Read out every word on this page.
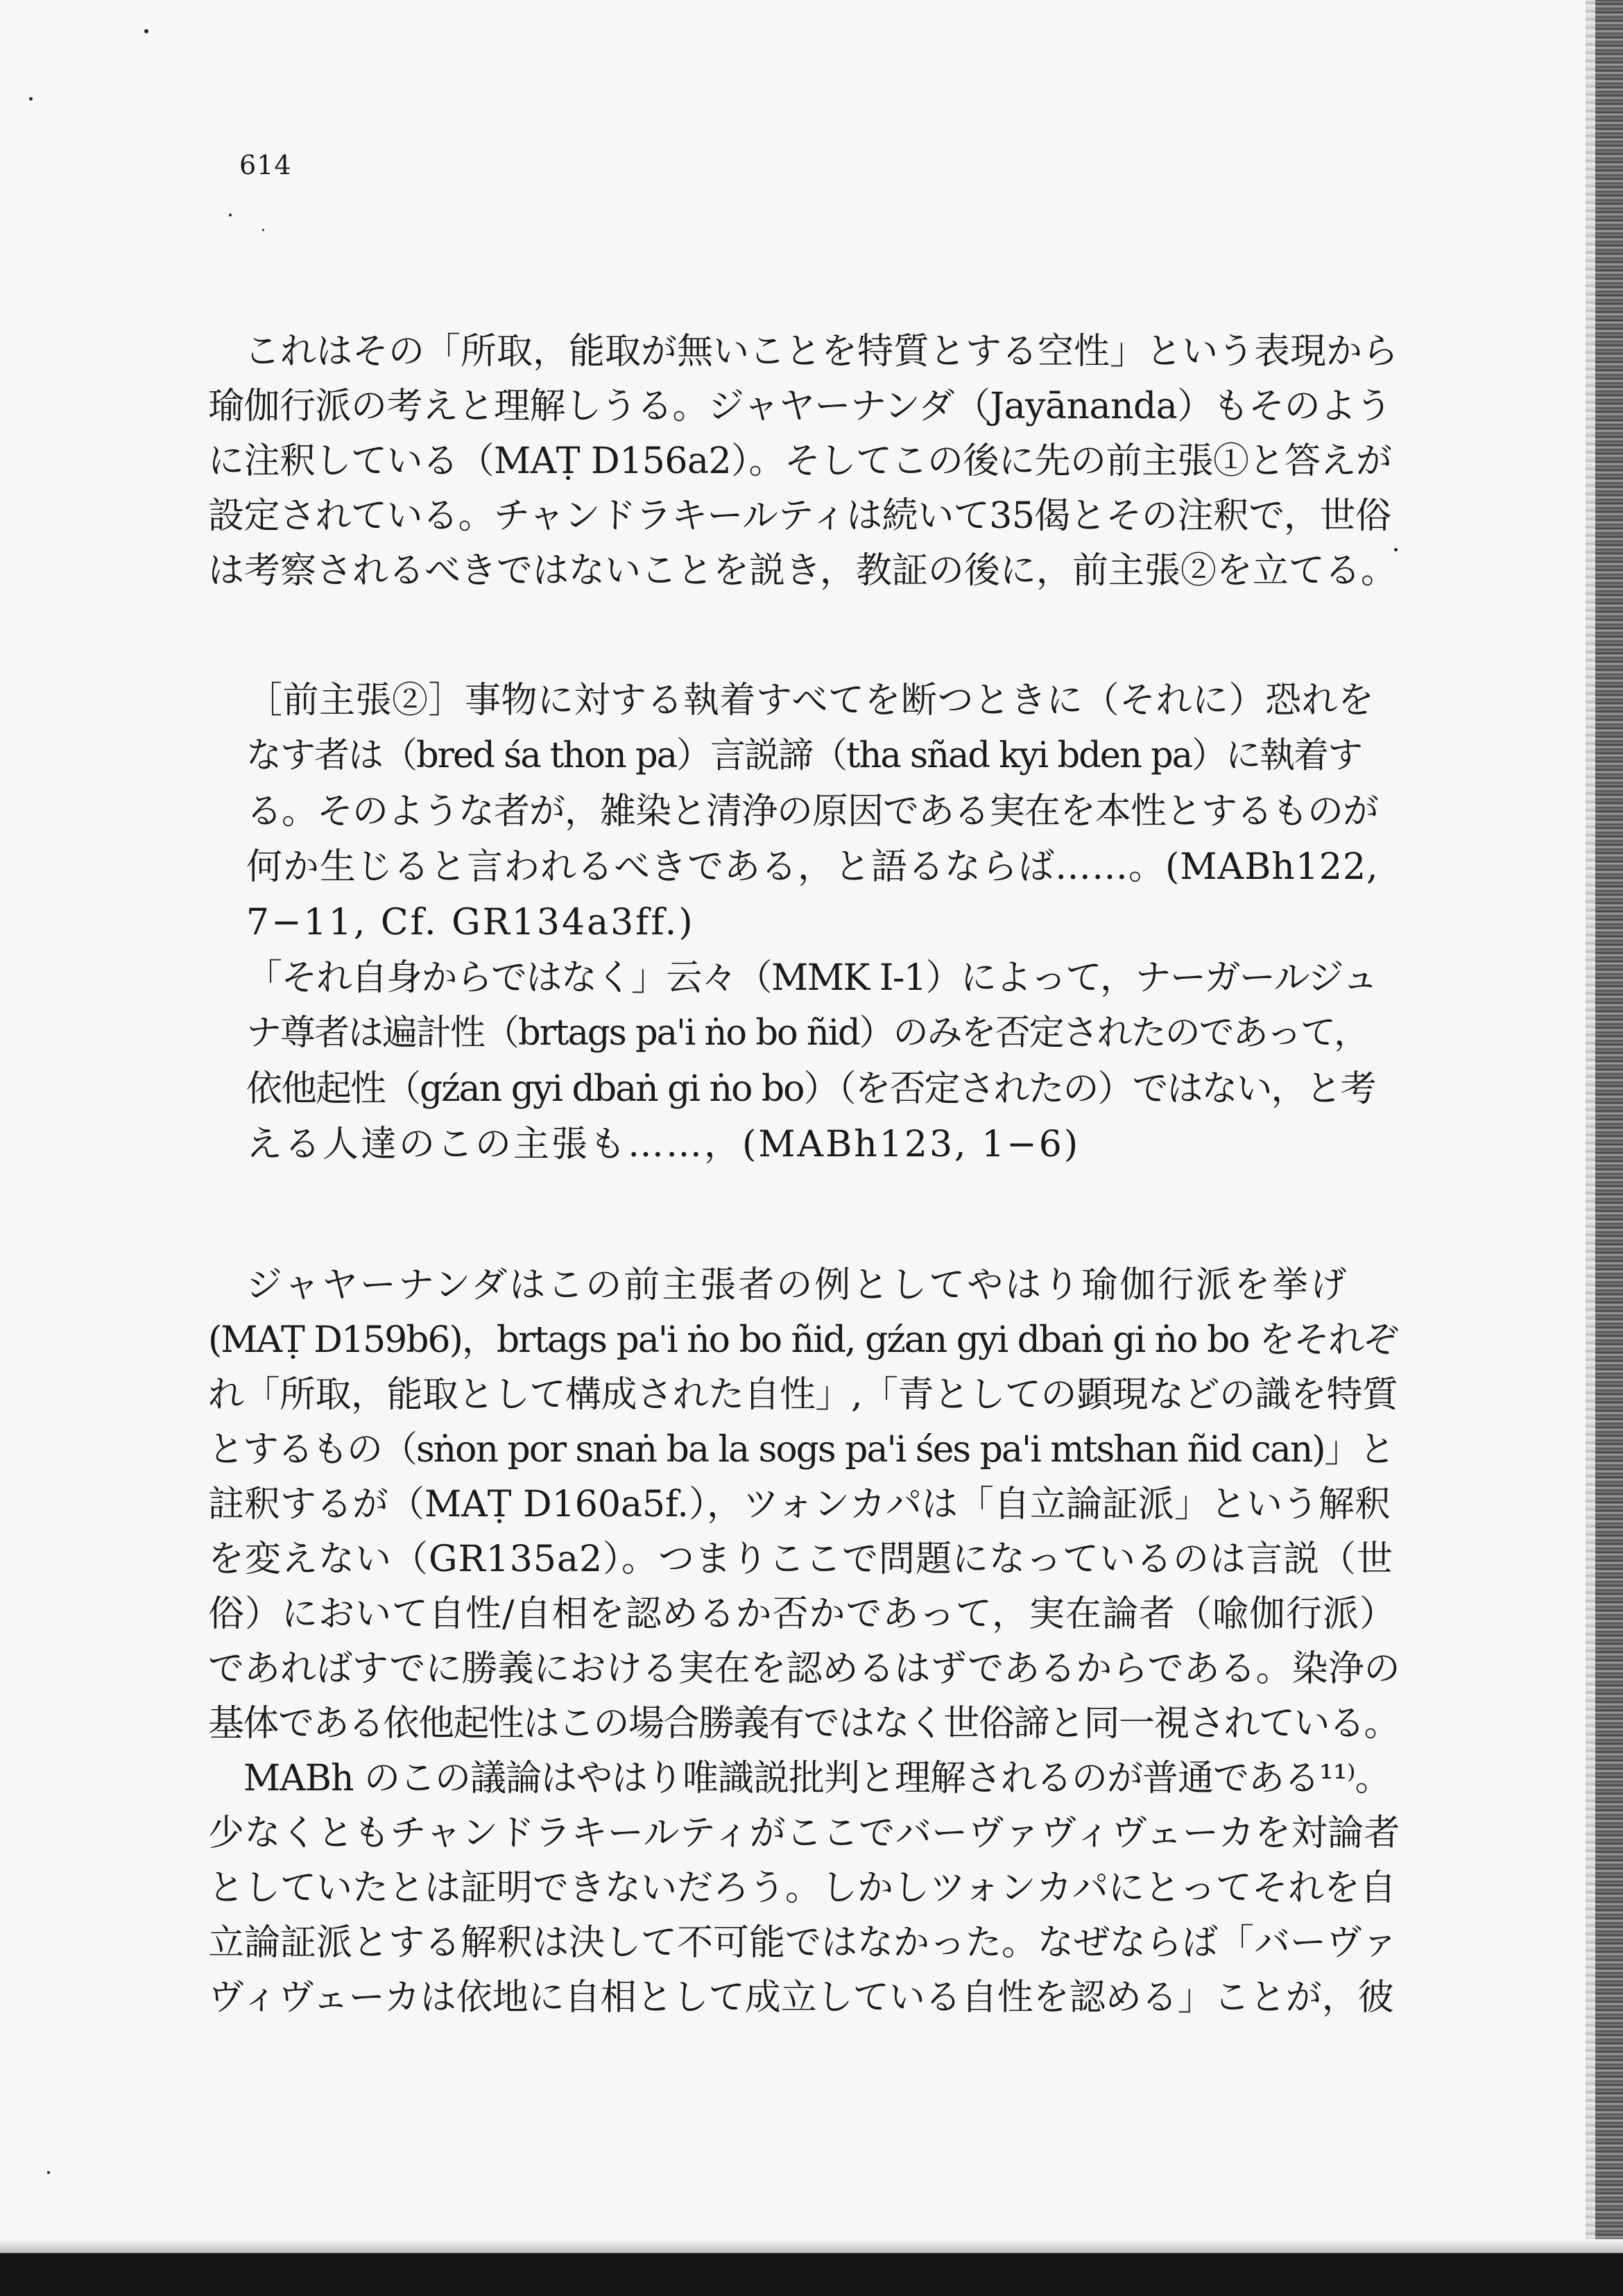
614
　これはその「所取，能取が無いことを特質とする空性」という表現から
瑜伽行派の考えと理解しうる。ジャヤーナンダ（Jayānanda）もそのよう
に注釈している（MAṬ D156a2）。そしてこの後に先の前主張①と答えが
設定されている。チャンドラキールティは続いて35偈とその注釈で，世俗
は考察されるべきではないことを説き，教証の後に，前主張②を立てる。
［前主張②］事物に対する執着すべてを断つときに（それに）恐れを
なす者は（bred śa thon pa）言説諦（tha sñad kyi bden pa）に執着す
る。そのような者が，雑染と清浄の原因である実在を本性とするものが
何か生じると言われるべきである，と語るならば……。(MABh122,
7−11, Cf. GR134a3ff.)
「それ自身からではなく」云々（MMK I-1）によって，ナーガールジュ
ナ尊者は遍計性（brtags pa'i ṅo bo ñid）のみを否定されたのであって，
依他起性（gźan gyi dbaṅ gi ṅo bo）（を否定されたの）ではない，と考
える人達のこの主張も……，(MABh123, 1−6)
　ジャヤーナンダはこの前主張者の例としてやはり瑜伽行派を挙げ
(MAṬ D159b6)，brtags pa'i ṅo bo ñid, gźan gyi dbaṅ gi ṅo bo をそれぞ
れ「所取，能取として構成された自性」,「青としての顕現などの識を特質
とするもの（sṅon por snaṅ ba la sogs pa'i śes pa'i mtshan ñid can)」と
註釈するが（MAṬ D160a5f.），ツォンカパは「自立論証派」という解釈
を変えない（GR135a2）。つまりここで問題になっているのは言説（世
俗）において自性/自相を認めるか否かであって，実在論者（喩伽行派）
であればすでに勝義における実在を認めるはずであるからである。染浄の
基体である依他起性はこの場合勝義有ではなく世俗諦と同一視されている。
　MABh のこの議論はやはり唯識説批判と理解されるのが普通である¹¹⁾。
少なくともチャンドラキールティがここでバーヴァヴィヴェーカを対論者
としていたとは証明できないだろう。しかしツォンカパにとってそれを自
立論証派とする解釈は決して不可能ではなかった。なぜならば「バーヴァ
ヴィヴェーカは依地に自相として成立している自性を認める」ことが，彼
